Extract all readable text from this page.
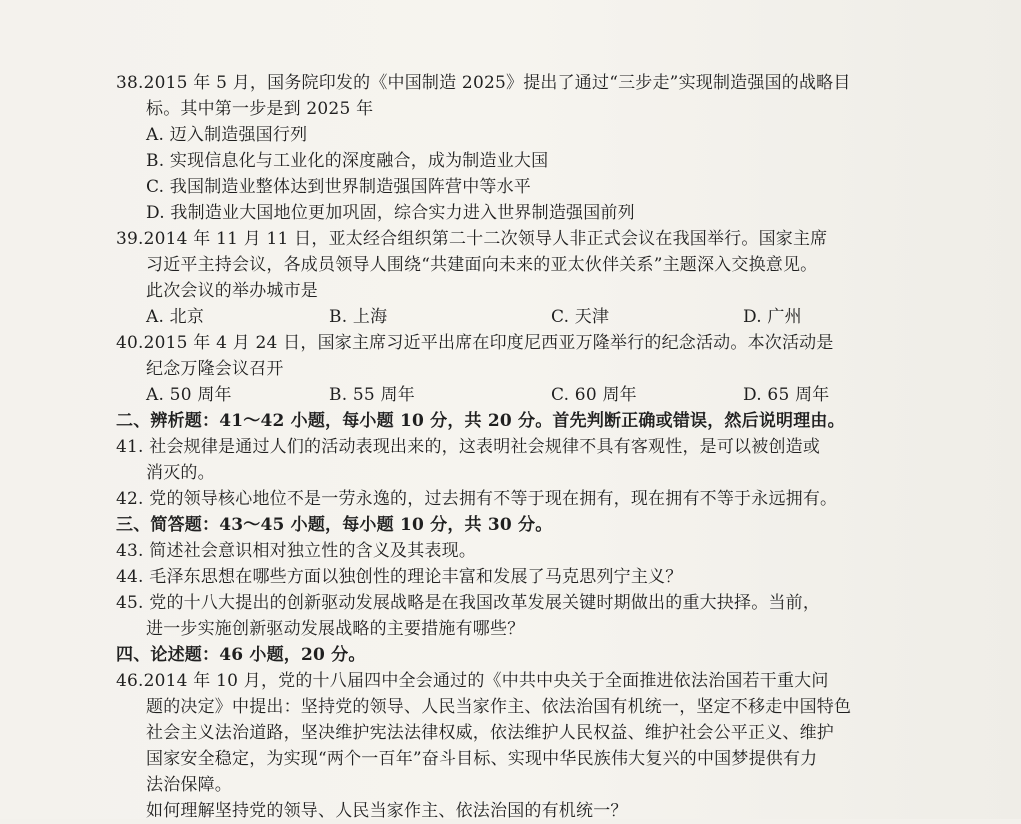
38.2015 年 5 月，国务院印发的《中国制造 2025》提出了通过“三步走”实现制造强国的战略目
标。其中第一步是到 2025 年
A. 迈入制造强国行列
B. 实现信息化与工业化的深度融合，成为制造业大国
C. 我国制造业整体达到世界制造强国阵营中等水平
D. 我制造业大国地位更加巩固，综合实力进入世界制造强国前列
39.2014 年 11 月 11 日，亚太经合组织第二十二次领导人非正式会议在我国举行。国家主席
习近平主持会议，各成员领导人围绕“共建面向未来的亚太伙伴关系”主题深入交换意见。
此次会议的举办城市是
A. 北京	B. 上海	C. 天津	D. 广州
40.2015 年 4 月 24 日，国家主席习近平出席在印度尼西亚万隆举行的纪念活动。本次活动是
纪念万隆会议召开
A. 50 周年	B. 55 周年	C. 60 周年	D. 65 周年
二、辨析题：41～42 小题，每小题 10 分，共 20 分。首先判断正确或错误，然后说明理由。
41. 社会规律是通过人们的活动表现出来的，这表明社会规律不具有客观性，是可以被创造或
消灭的。
42. 党的领导核心地位不是一劳永逸的，过去拥有不等于现在拥有，现在拥有不等于永远拥有。
三、简答题：43～45 小题，每小题 10 分，共 30 分。
43. 简述社会意识相对独立性的含义及其表现。
44. 毛泽东思想在哪些方面以独创性的理论丰富和发展了马克思列宁主义？
45. 党的十八大提出的创新驱动发展战略是在我国改革发展关键时期做出的重大抉择。当前，
进一步实施创新驱动发展战略的主要措施有哪些？
四、论述题：46 小题，20 分。
46.2014 年 10 月，党的十八届四中全会通过的《中共中央关于全面推进依法治国若干重大问
题的决定》中提出：坚持党的领导、人民当家作主、依法治国有机统一，坚定不移走中国特色
社会主义法治道路，坚决维护宪法法律权威，依法维护人民权益、维护社会公平正义、维护
国家安全稳定，为实现“两个一百年”奋斗目标、实现中华民族伟大复兴的中国梦提供有力
法治保障。
如何理解坚持党的领导、人民当家作主、依法治国的有机统一？
